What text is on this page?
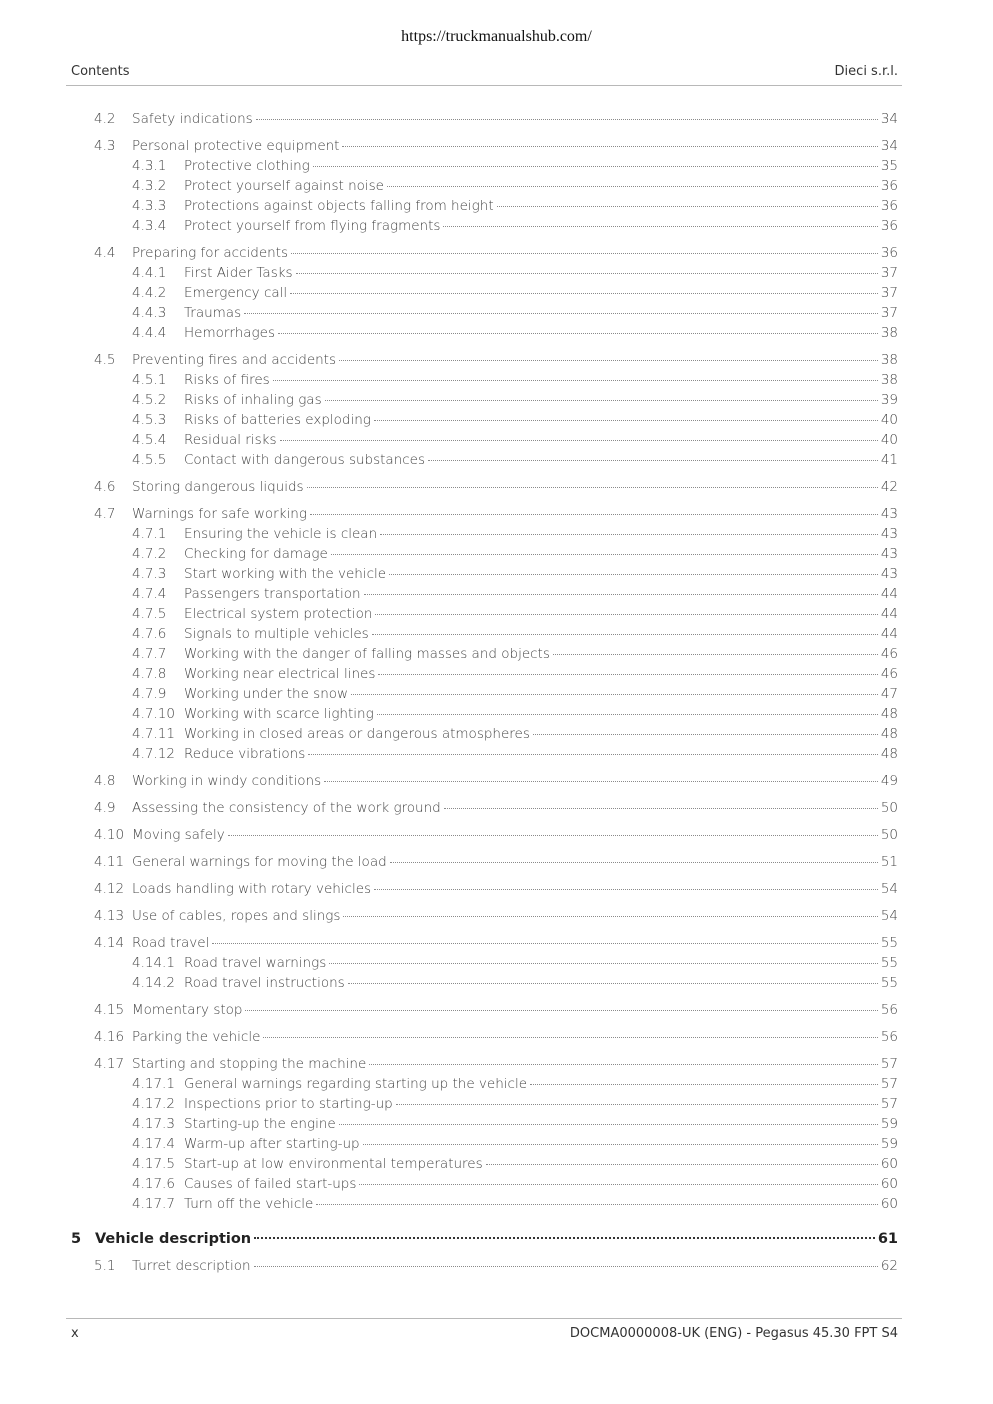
https://truckmanualshub.com/
Contents	Dieci s.r.l.
4.2 Safety indications	34
4.3 Personal protective equipment	34
4.3.1 Protective clothing	35
4.3.2 Protect yourself against noise	36
4.3.3 Protections against objects falling from height	36
4.3.4 Protect yourself from flying fragments	36
4.4 Preparing for accidents	36
4.4.1 First Aider Tasks	37
4.4.2 Emergency call	37
4.4.3 Traumas	37
4.4.4 Hemorrhages	38
4.5 Preventing fires and accidents	38
4.5.1 Risks of fires	38
4.5.2 Risks of inhaling gas	39
4.5.3 Risks of batteries exploding	40
4.5.4 Residual risks	40
4.5.5 Contact with dangerous substances	41
4.6 Storing dangerous liquids	42
4.7 Warnings for safe working	43
4.7.1 Ensuring the vehicle is clean	43
4.7.2 Checking for damage	43
4.7.3 Start working with the vehicle	43
4.7.4 Passengers transportation	44
4.7.5 Electrical system protection	44
4.7.6 Signals to multiple vehicles	44
4.7.7 Working with the danger of falling masses and objects	46
4.7.8 Working near electrical lines	46
4.7.9 Working under the snow	47
4.7.10 Working with scarce lighting	48
4.7.11 Working in closed areas or dangerous atmospheres	48
4.7.12 Reduce vibrations	48
4.8 Working in windy conditions	49
4.9 Assessing the consistency of the work ground	50
4.10 Moving safely	50
4.11 General warnings for moving the load	51
4.12 Loads handling with rotary vehicles	54
4.13 Use of cables, ropes and slings	54
4.14 Road travel	55
4.14.1 Road travel warnings	55
4.14.2 Road travel instructions	55
4.15 Momentary stop	56
4.16 Parking the vehicle	56
4.17 Starting and stopping the machine	57
4.17.1 General warnings regarding starting up the vehicle	57
4.17.2 Inspections prior to starting-up	57
4.17.3 Starting-up the engine	59
4.17.4 Warm-up after starting-up	59
4.17.5 Start-up at low environmental temperatures	60
4.17.6 Causes of failed start-ups	60
4.17.7 Turn off the vehicle	60
5 Vehicle description	61
5.1 Turret description	62
x	DOCMA0000008-UK (ENG) - Pegasus 45.30 FPT S4
